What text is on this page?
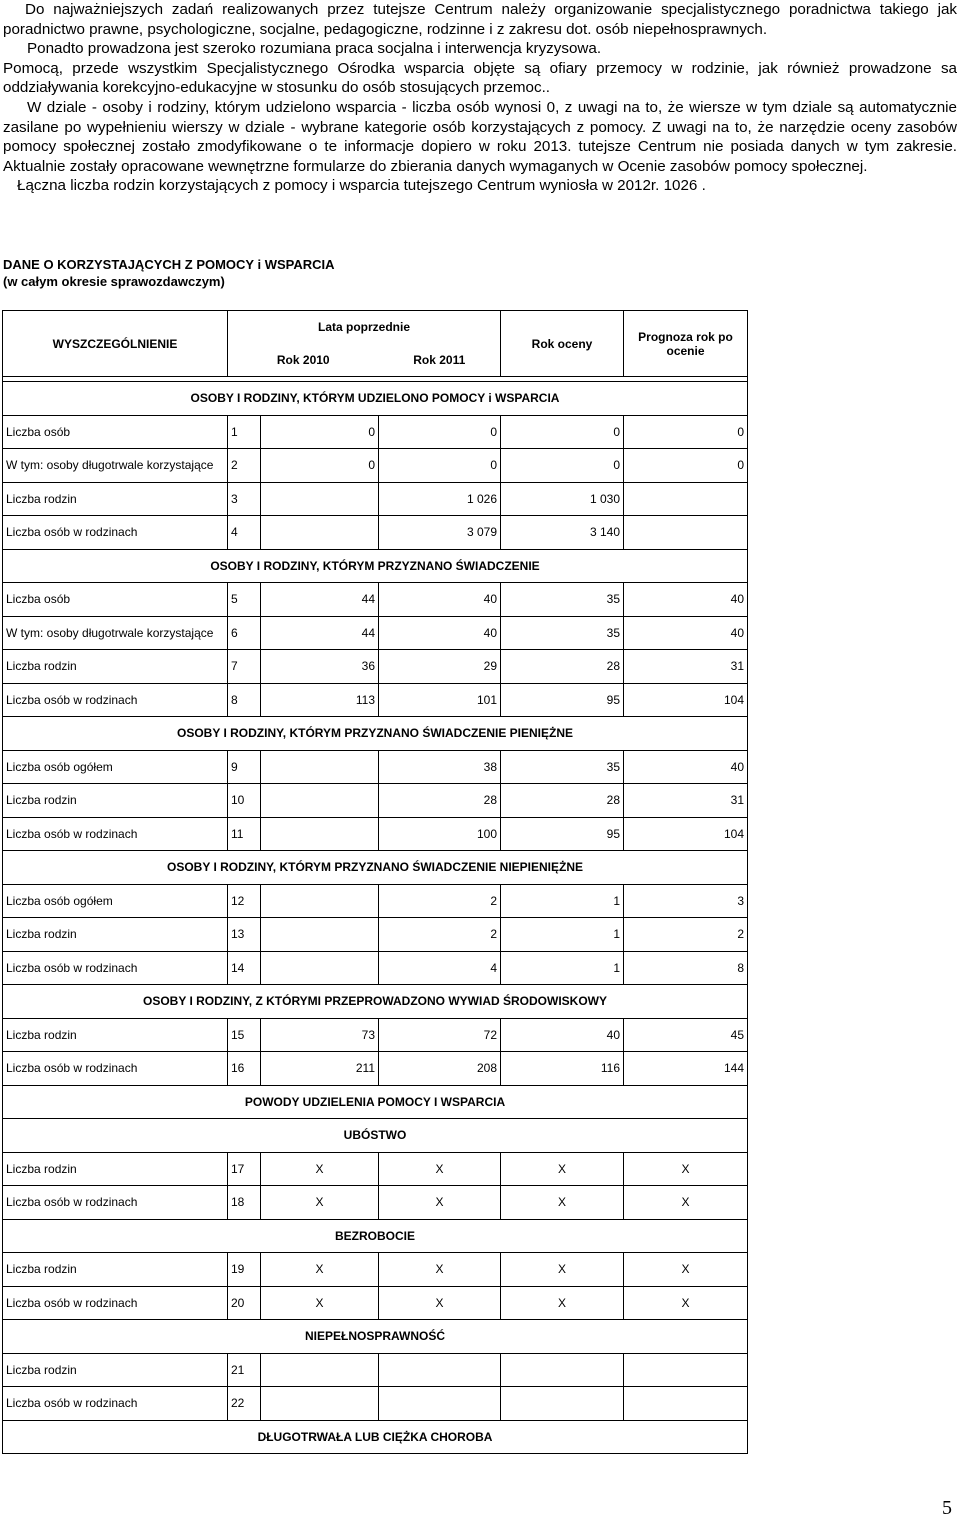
Do najważniejszych zadań realizowanych przez tutejsze Centrum należy organizowanie specjalistycznego poradnictwa takiego jak poradnictwo prawne, psychologiczne, socjalne, pedagogiczne, rodzinne i z zakresu dot. osób niepełnosprawnych.

Ponadto prowadzona jest szeroko rozumiana praca socjalna i interwencja kryzysowa.

Pomocą, przede wszystkim Specjalistycznego Ośrodka wsparcia objęte są ofiary przemocy w rodzinie, jak również prowadzone sa oddziaływania korekcyjno-edukacyjne w stosunku do osób stosujących przemoc..

W dziale - osoby i rodziny, którym udzielono wsparcia - liczba osób wynosi 0, z uwagi na to, że wiersze w tym dziale są automatycznie zasilane po wypełnieniu wierszy w dziale - wybrane kategorie osób korzystających z pomocy. Z uwagi na to, że narzędzie oceny zasobów pomocy społecznej zostało zmodyfikowane o te informacje dopiero w roku 2013. tutejsze Centrum nie posiada danych w tym zakresie. Aktualnie zostały opracowane wewnętrzne formularze do zbierania danych wymaganych w Ocenie zasobów pomocy społecznej.

Łączna liczba rodzin korzystających z pomocy i wsparcia tutejszego Centrum wyniosła w 2012r. 1026 .

DANE O KORZYSTAJĄCYCH Z POMOCY i WSPARCIA
(w całym okresie sprawozdawczym)
WYSZCZEGÓLNIENIE	Lata poprzednie			Rok oceny	Prognoza rok po ocenie
	Rok 2010		Rok 2011		

OSOBY I RODZINY, KTÓRYM UDZIELONO POMOCY i WSPARCIA					
Liczba osób	1	0	0	0	0
W tym: osoby długotrwale korzystające	2	0	0	0	0
Liczba rodzin	3		1 026	1 030	
Liczba osób w rodzinach	4		3 079	3 140	
OSOBY I RODZINY, KTÓRYM PRZYZNANO ŚWIADCZENIE					
Liczba osób	5	44	40	35	40
W tym: osoby długotrwale korzystające	6	44	40	35	40
Liczba rodzin	7	36	29	28	31
Liczba osób w rodzinach	8	113	101	95	104
OSOBY I RODZINY, KTÓRYM PRZYZNANO ŚWIADCZENIE PIENIĘŻNE					
Liczba osób ogółem	9		38	35	40
Liczba rodzin	10		28	28	31
Liczba osób w rodzinach	11		100	95	104
OSOBY I RODZINY, KTÓRYM PRZYZNANO ŚWIADCZENIE NIEPIENIĘŻNE					
Liczba osób ogółem	12		2	1	3
Liczba rodzin	13		2	1	2
Liczba osób w rodzinach	14		4	1	8
OSOBY I RODZINY, Z KTÓRYMI PRZEPROWADZONO WYWIAD ŚRODOWISKOWY					
Liczba rodzin	15	73	72	40	45
Liczba osób w rodzinach	16	211	208	116	144
POWODY UDZIELENIA POMOCY I WSPARCIA					
UBÓSTWO					
Liczba rodzin	17	X	X	X	X
Liczba osób w rodzinach	18	X	X	X	X
BEZROBOCIE					
Liczba rodzin	19	X	X	X	X
Liczba osób w rodzinach	20	X	X	X	X
NIEPEŁNOSPRAWNOŚĆ					
Liczba rodzin	21				
Liczba osób w rodzinach	22				
DŁUGOTRWAŁA LUB CIĘŻKA CHOROBA					
5
